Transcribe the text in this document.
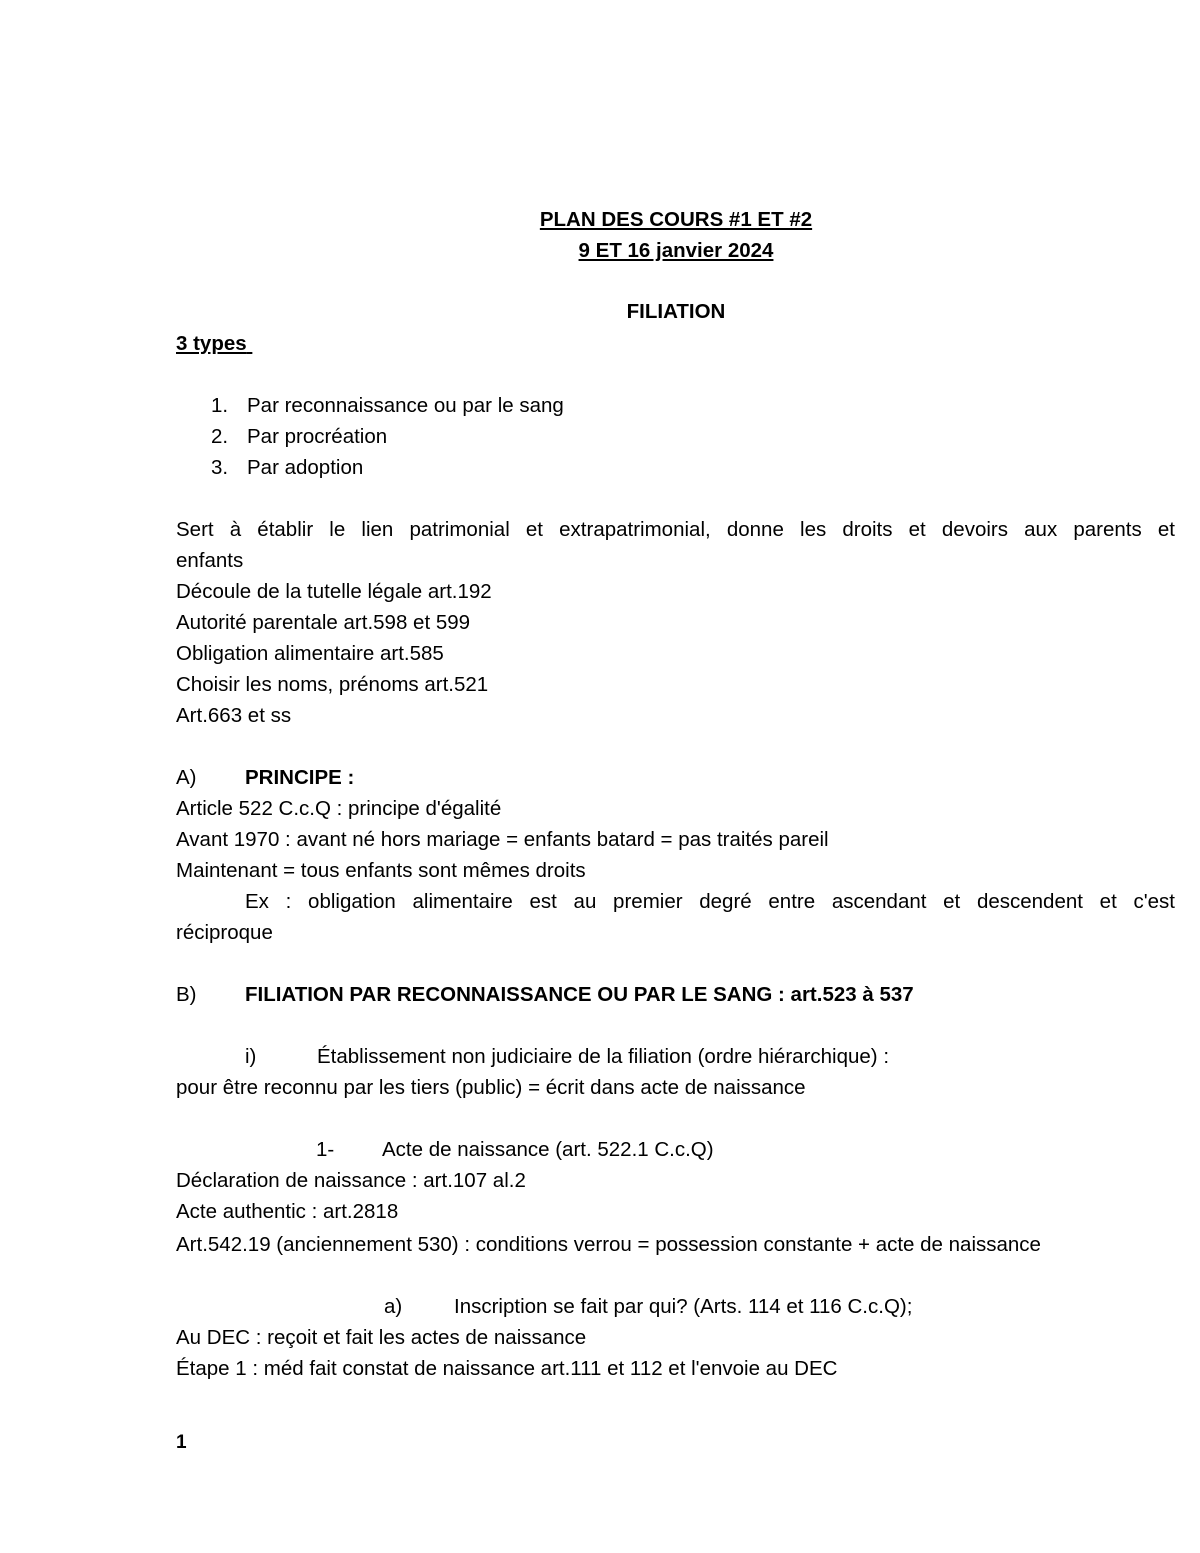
PLAN DES COURS #1 ET #2
9 ET 16 janvier 2024
FILIATION
3 types
1. Par reconnaissance ou par le sang
2. Par procréation
3. Par adoption
Sert à établir le lien patrimonial et extrapatrimonial, donne les droits et devoirs aux parents et
enfants
Découle de la tutelle légale art.192
Autorité parentale art.598 et 599
Obligation alimentaire art.585
Choisir les noms, prénoms art.521
Art.663 et ss
A) PRINCIPE :
Article 522 C.c.Q : principe d'égalité
Avant 1970 : avant né hors mariage = enfants batard = pas traités pareil
Maintenant = tous enfants sont mêmes droits
Ex : obligation alimentaire est au premier degré entre ascendant et descendent et c'est
réciproque
B) FILIATION PAR RECONNAISSANCE OU PAR LE SANG : art.523 à 537
i)	Établissement non judiciaire de la filiation (ordre hiérarchique) :
pour être reconnu par les tiers (public) = écrit dans acte de naissance
1- Acte de naissance (art. 522.1 C.c.Q)
Déclaration de naissance : art.107 al.2
Acte authentic : art.2818
Art.542.19 (anciennement 530) : conditions verrou = possession constante + acte de naissance
a)	Inscription se fait par qui? (Arts. 114 et 116 C.c.Q);
Au DEC : reçoit et fait les actes de naissance
Étape 1 : méd fait constat de naissance art.111 et 112 et l'envoie au DEC
1
